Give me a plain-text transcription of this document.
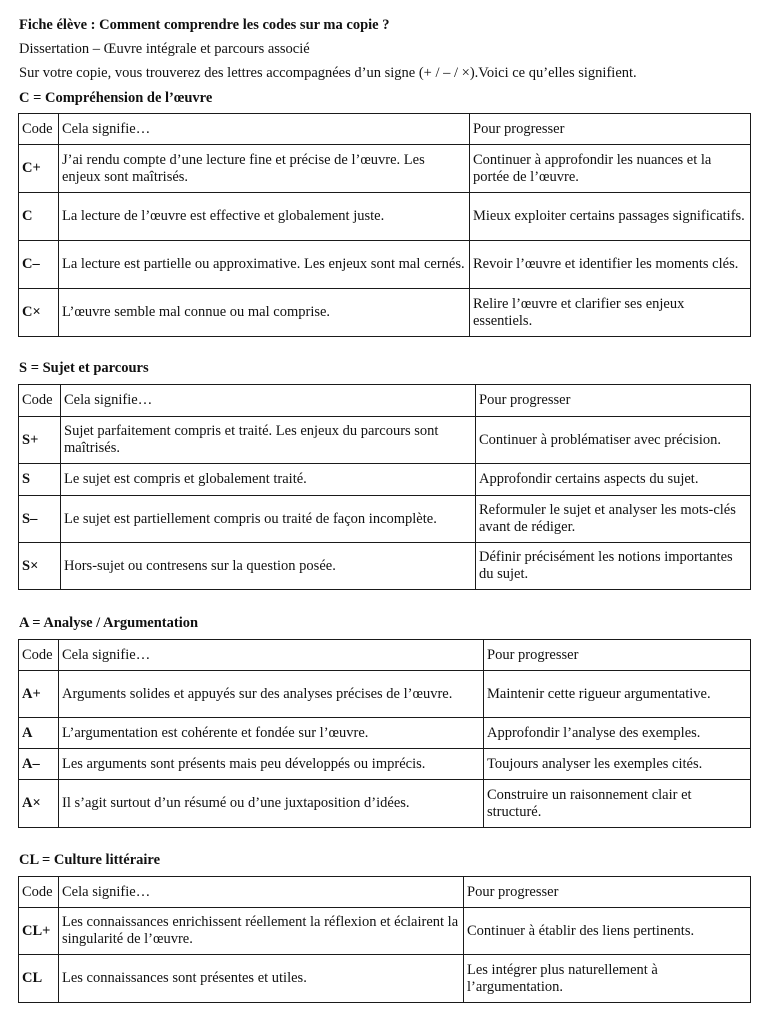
Fiche élève : Comment comprendre les codes sur ma copie ?
Dissertation – Œuvre intégrale et parcours associé
Sur votre copie, vous trouverez des lettres accompagnées d’un signe (+ / – / ×).Voici ce qu’elles signifient.
C = Compréhension de l’œuvre
Code	Cela signifie…	Pour progresser
C+	J’ai rendu compte d’une lecture fine et précise de l’œuvre. Les enjeux sont maîtrisés.	Continuer à approfondir les nuances et la portée de l’œuvre.
C	La lecture de l’œuvre est effective et globalement juste.	Mieux exploiter certains passages significatifs.
C–	La lecture est partielle ou approximative. Les enjeux sont mal cernés.	Revoir l’œuvre et identifier les moments clés.
C×	L’œuvre semble mal connue ou mal comprise.	Relire l’œuvre et clarifier ses enjeux essentiels.
S = Sujet et parcours
Code	Cela signifie…	Pour progresser
S+	Sujet parfaitement compris et traité. Les enjeux du parcours sont maîtrisés.	Continuer à problématiser avec précision.
S	Le sujet est compris et globalement traité.	Approfondir certains aspects du sujet.
S–	Le sujet est partiellement compris ou traité de façon incomplète.	Reformuler le sujet et analyser les mots-clés avant de rédiger.
S×	Hors-sujet ou contresens sur la question posée.	Définir précisément les notions importantes du sujet.
A = Analyse / Argumentation
Code	Cela signifie…	Pour progresser
A+	Arguments solides et appuyés sur des analyses précises de l’œuvre.	Maintenir cette rigueur argumentative.
A	L’argumentation est cohérente et fondée sur l’œuvre.	Approfondir l’analyse des exemples.
A–	Les arguments sont présents mais peu développés ou imprécis.	Toujours analyser les exemples cités.
A×	Il s’agit surtout d’un résumé ou d’une juxtaposition d’idées.	Construire un raisonnement clair et structuré.
CL = Culture littéraire
Code	Cela signifie…	Pour progresser
CL+	Les connaissances enrichissent réellement la réflexion et éclairent la singularité de l’œuvre.	Continuer à établir des liens pertinents.
CL	Les connaissances sont présentes et utiles.	Les intégrer plus naturellement à l’argumentation.
